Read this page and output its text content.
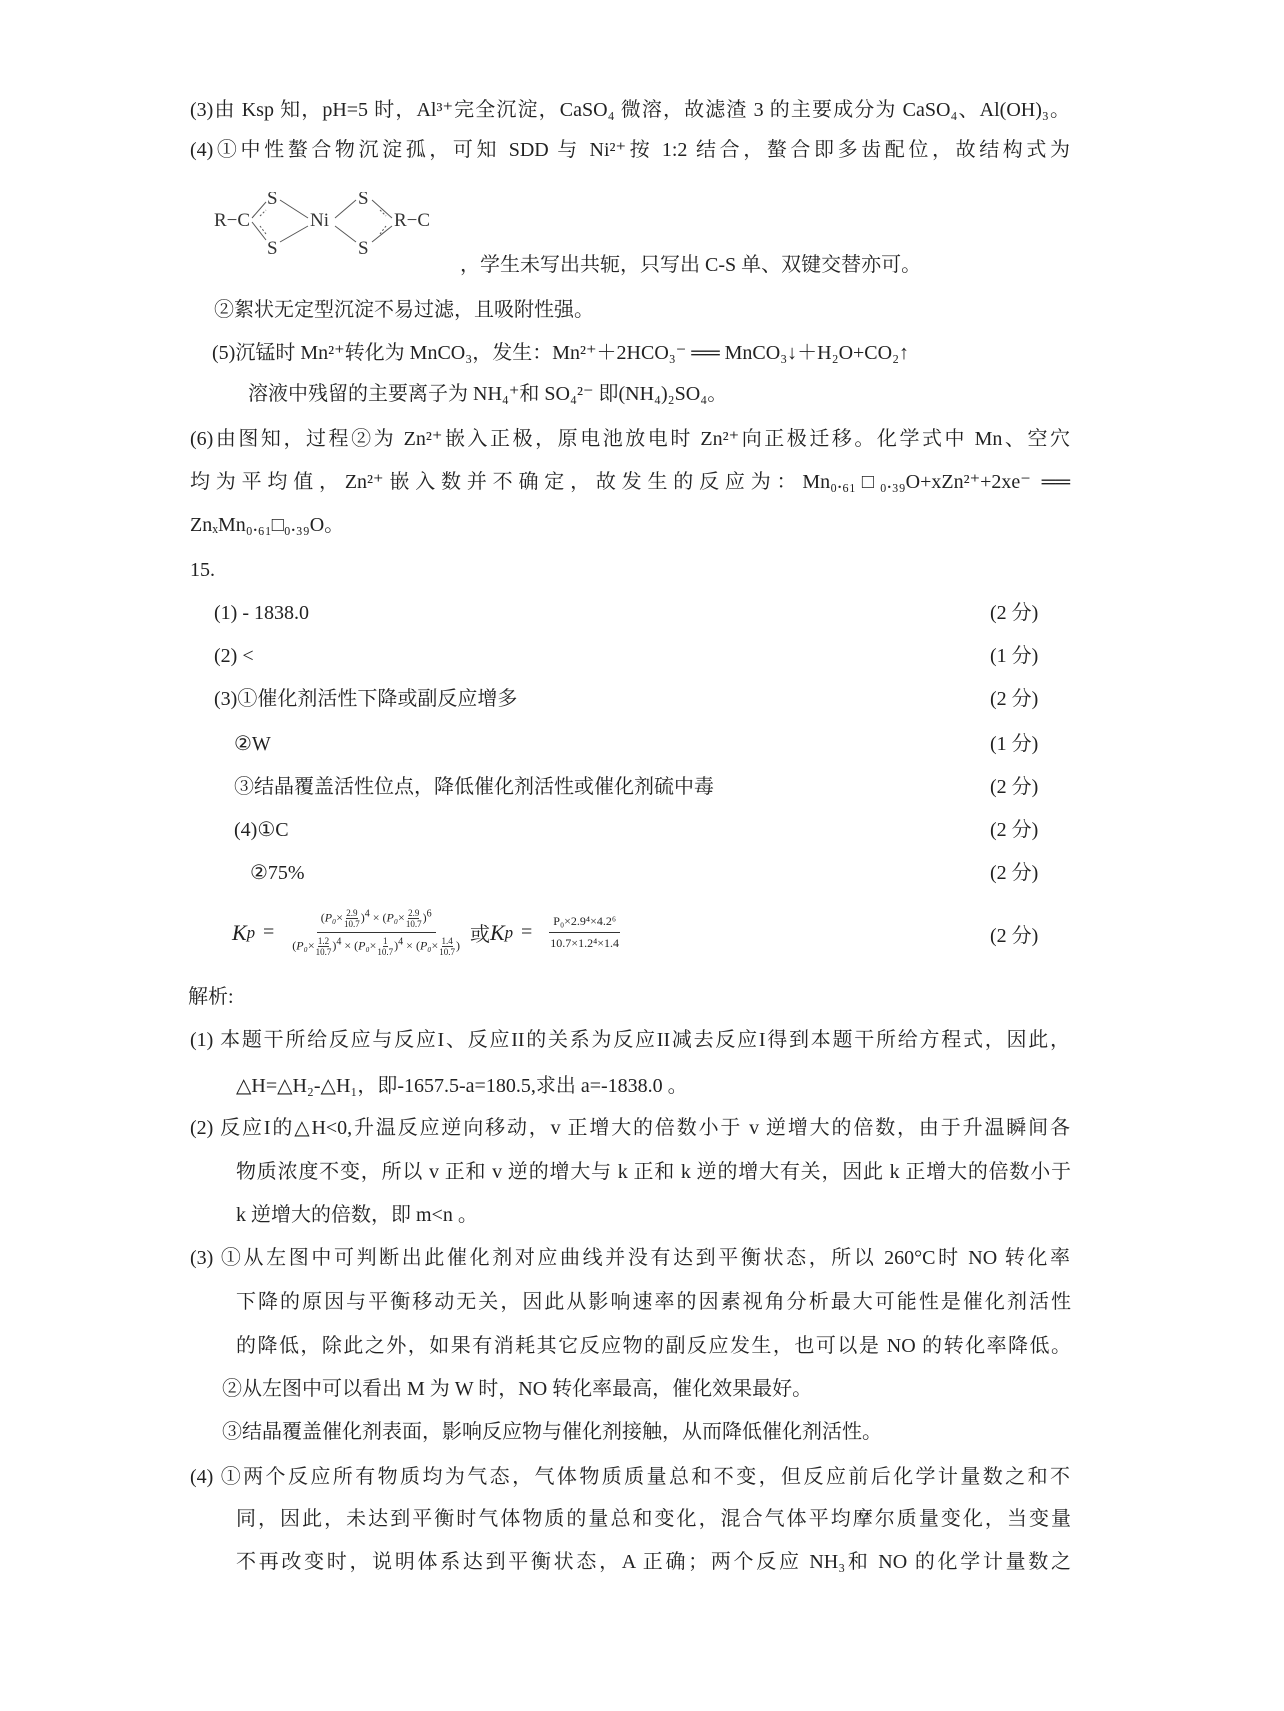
(3)由 Ksp 知，pH=5 时，Al³⁺完全沉淀，CaSO₄ 微溶，故滤渣 3 的主要成分为 CaSO₄、Al(OH)₃。
(4)①中性螯合物沉淀孤，可知 SDD 与 Ni²⁺按 1:2 结合，螯合即多齿配位，故结构式为
R−C
S
S
Ni
S
S
R−C
，学生未写出共轭，只写出 C-S 单、双键交替亦可。
②絮状无定型沉淀不易过滤，且吸附性强。
(5)沉锰时 Mn²⁺转化为 MnCO₃，发生：Mn²⁺＋2HCO₃⁻ ══ MnCO₃↓＋H₂O+CO₂↑
溶液中残留的主要离子为 NH₄⁺和 SO₄²⁻ 即(NH₄)₂SO₄。
(6)由图知，过程②为 Zn²⁺嵌入正极，原电池放电时 Zn²⁺向正极迁移。化学式中 Mn、空穴
均为平均值，Zn²⁺嵌入数并不确定，故发生的反应为：Mn₀.₆₁□₀.₃₉O+xZn²⁺+2xe⁻ ══
ZnₓMn₀.₆₁□₀.₃₉O。
15.
(1) - 1838.0	(2 分)
(2) <	(1 分)
(3)①催化剂活性下降或副反应增多	(2 分)
②W	(1 分)
③结晶覆盖活性位点，降低催化剂活性或催化剂硫中毒	(2 分)
(4)①C	(2 分)
②75%	(2 分)
K p =
$(P_0\times \frac{2.9}{10.7} )^4 \times (P_0\times \frac{2.9}{10.7} )^6$
$(P_0\times \frac{1.2}{10.7} )^4 \times (P_0\times \frac{1}{10.7} )^4 \times (P_0\times \frac{1.4}{10.7}$ ) 或 K $p = \frac{\text{P₀×2.9⁴×4.2⁶}}{\text{10.7×1.2⁴×1.4}}$	(2 分)
解析:
(1) 本题干所给反应与反应I、反应II的关系为反应II减去反应I得到本题干所给方程式，因此，
△H=△H₂-△H₁，即-1657.5-a=180.5,求出 a=-1838.0 。
(2) 反应I的△H<0,升温反应逆向移动，v 正增大的倍数小于 v 逆增大的倍数，由于升温瞬间各
物质浓度不变，所以 v 正和 v 逆的增大与 k 正和 k 逆的增大有关，因此 k 正增大的倍数小于
k 逆增大的倍数，即 m<n 。
(3) ①从左图中可判断出此催化剂对应曲线并没有达到平衡状态，所以 260°C时 NO 转化率
下降的原因与平衡移动无关，因此从影响速率的因素视角分析最大可能性是催化剂活性
的降低，除此之外，如果有消耗其它反应物的副反应发生，也可以是 NO 的转化率降低。
②从左图中可以看出 M 为 W 时，NO 转化率最高，催化效果最好。
③结晶覆盖催化剂表面，影响反应物与催化剂接触，从而降低催化剂活性。
(4) ①两个反应所有物质均为气态，气体物质质量总和不变，但反应前后化学计量数之和不
同，因此，未达到平衡时气体物质的量总和变化，混合气体平均摩尔质量变化，当变量
不再改变时，说明体系达到平衡状态，A 正确；两个反应 NH₃和 NO 的化学计量数之
